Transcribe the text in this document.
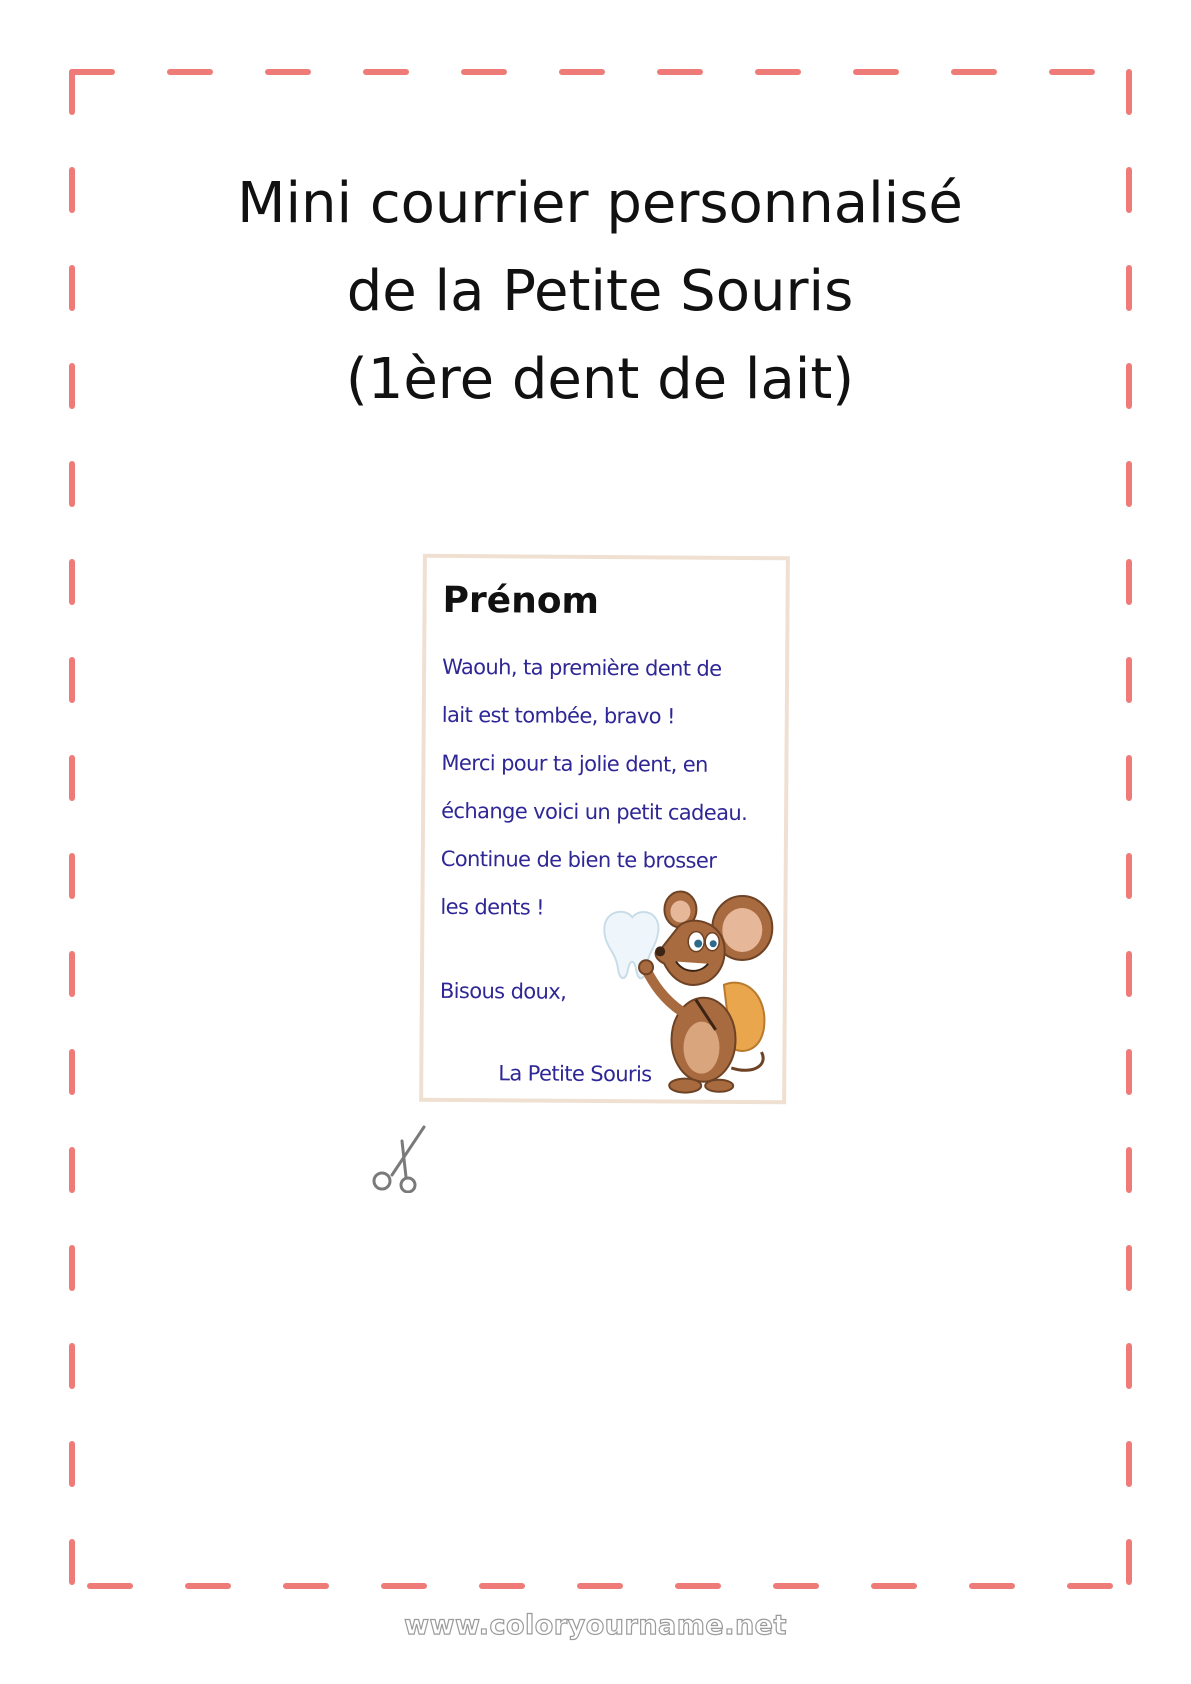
Mini courrier personnalisé
de la Petite Souris
(1ère dent de lait)
Prénom
Waouh, ta première dent de
lait est tombée, bravo !
Merci pour ta jolie dent, en
échange voici un petit cadeau.
Continue de bien te brosser
les dents !
Bisous doux,
La Petite Souris
www.coloryourname.net
